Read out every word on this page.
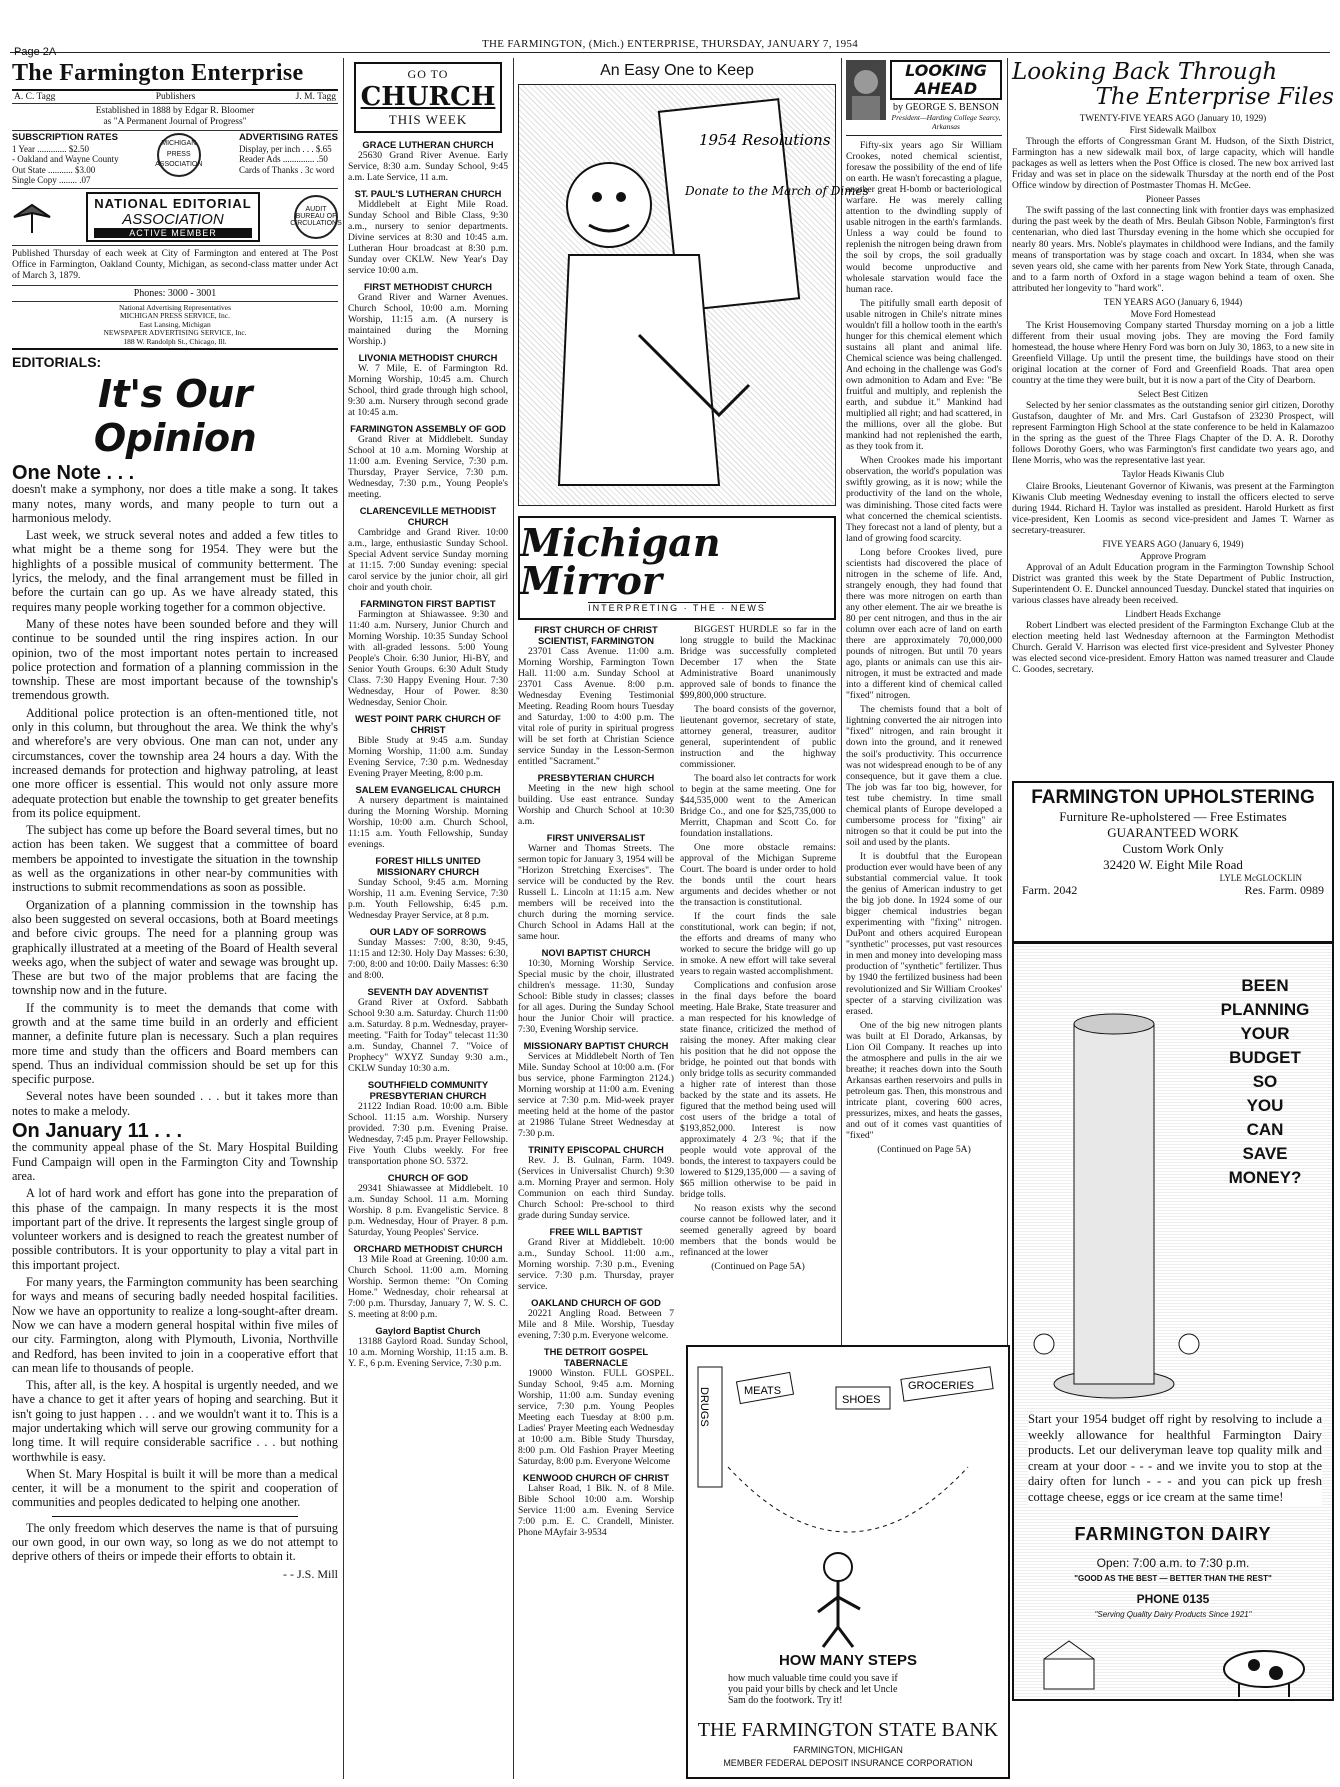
Page 2A
THE FARMINGTON, (Mich.) ENTERPRISE, THURSDAY, JANUARY 7, 1954
The Farmington Enterprise
A. C. Tagg	Publishers	J. M. Tagg
Established in 1888 by Edgar R. Bloomer
as "A Permanent Journal of Progress"
SUBSCRIPTION RATES
1 Year ............. $2.50
- Oakland and Wayne County
Out State ........... $3.00
Single Copy ........ .07
MICHIGAN PRESS ASSOCIATION
ADVERTISING RATES
Display, per inch . . . $.65
Reader Ads .............. .50
Cards of Thanks . 3c word
NATIONAL EDITORIAL
ASSOCIATION
ACTIVE MEMBER
AUDIT BUREAU OF CIRCULATIONS
Published Thursday of each week at City of Farmington and entered at The Post Office in Farmington, Oakland County, Michigan, as second-class matter under Act of March 3, 1879.
Phones: 3000 - 3001
National Advertising Representatives
MICHIGAN PRESS SERVICE, Inc.
East Lansing, Michigan
NEWSPAPER ADVERTISING SERVICE, Inc.
188 W. Randolph St., Chicago, Ill.
EDITORIALS:
It's Our Opinion
One Note . . .

doesn't make a symphony, nor does a title make a song. It takes many notes, many words, and many people to turn out a harmonious melody.

Last week, we struck several notes and added a few titles to what might be a theme song for 1954. They were but the highlights of a possible musical of community betterment. The lyrics, the melody, and the final arrangement must be filled in before the curtain can go up. As we have already stated, this requires many people working together for a common objective.

Many of these notes have been sounded before and they will continue to be sounded until the ring inspires action. In our opinion, two of the most important notes pertain to increased police protection and formation of a planning commission in the township. These are most important because of the township's tremendous growth.

Additional police protection is an often-mentioned title, not only in this column, but throughout the area. We think the why's and wherefore's are very obvious. One man can not, under any circumstances, cover the township area 24 hours a day. With the increased demands for protection and highway patroling, at least one more officer is essential. This would not only assure more adequate protection but enable the township to get greater benefits from its police equipment.

The subject has come up before the Board several times, but no action has been taken. We suggest that a committee of board members be appointed to investigate the situation in the township as well as the organizations in other near-by communities with instructions to submit recommendations as soon as possible.

Organization of a planning commission in the township has also been suggested on several occasions, both at Board meetings and before civic groups. The need for a planning group was graphically illustrated at a meeting of the Board of Health several weeks ago, when the subject of water and sewage was brought up. These are but two of the major problems that are facing the township now and in the future.

If the community is to meet the demands that come with growth and at the same time build in an orderly and efficient manner, a definite future plan is necessary. Such a plan requires more time and study than the officers and Board members can spend. Thus an individual commission should be set up for this specific purpose.

Several notes have been sounded . . . but it takes more than notes to make a melody.

On January 11 . . .

the community appeal phase of the St. Mary Hospital Building Fund Campaign will open in the Farmington City and Township area.

A lot of hard work and effort has gone into the preparation of this phase of the campaign. In many respects it is the most important part of the drive. It represents the largest single group of volunteer workers and is designed to reach the greatest number of possible contributors. It is your opportunity to play a vital part in this important project.

For many years, the Farmington community has been searching for ways and means of securing badly needed hospital facilities. Now we have an opportunity to realize a long-sought-after dream. Now we can have a modern general hospital within five miles of our city. Farmington, along with Plymouth, Livonia, Northville and Redford, has been invited to join in a cooperative effort that can mean life to thousands of people.

This, after all, is the key. A hospital is urgently needed, and we have a chance to get it after years of hoping and searching. But it isn't going to just happen . . . and we wouldn't want it to. This is a major undertaking which will serve our growing community for a long time. It will require considerable sacrifice . . . but nothing worthwhile is easy.

When St. Mary Hospital is built it will be more than a medical center, it will be a monument to the spirit and cooperation of communities and peoples dedicated to helping one another.

The only freedom which deserves the name is that of pursuing our own good, in our own way, so long as we do not attempt to deprive others of theirs or impede their efforts to obtain it.

- - J.S. Mill
GO TO
CHURCH
THIS WEEK
GRACE LUTHERAN CHURCH
25630 Grand River Avenue. Early Service, 8:30 a.m. Sunday School, 9:45 a.m. Late Service, 11 a.m.
ST. PAUL'S LUTHERAN CHURCH
Middlebelt at Eight Mile Road. Sunday School and Bible Class, 9:30 a.m., nursery to senior departments. Divine services at 8:30 and 10:45 a.m. Lutheran Hour broadcast at 8:30 p.m. Sunday over CKLW. New Year's Day service 10:00 a.m.
FIRST METHODIST CHURCH
Grand River and Warner Avenues. Church School, 10:00 a.m. Morning Worship, 11:15 a.m. (A nursery is maintained during the Morning Worship.)
LIVONIA METHODIST CHURCH
W. 7 Mile, E. of Farmington Rd. Morning Worship, 10:45 a.m. Church School, third grade through high school, 9:30 a.m. Nursery through second grade at 10:45 a.m.
FARMINGTON ASSEMBLY OF GOD
Grand River at Middlebelt. Sunday School at 10 a.m. Morning Worship at 11:00 a.m. Evening Service, 7:30 p.m. Thursday, Prayer Service, 7:30 p.m. Wednesday, 7:30 p.m., Young People's meeting.
CLARENCEVILLE METHODIST CHURCH
Cambridge and Grand River. 10:00 a.m., large, enthusiastic Sunday School. Special Advent service Sunday morning at 11:15. 7:00 Sunday evening: special carol service by the junior choir, all girl choir and youth choir.
FARMINGTON FIRST BAPTIST
Farmington at Shiawassee. 9:30 and 11:40 a.m. Nursery, Junior Church and Morning Worship. 10:35 Sunday School with all-graded lessons. 5:00 Young People's Choir. 6:30 Junior, Hi-BY, and Senior Youth Groups. 6:30 Adult Study Class. 7:30 Happy Evening Hour. 7:30 Wednesday, Hour of Power. 8:30 Wednesday, Senior Choir.
WEST POINT PARK CHURCH OF CHRIST
Bible Study at 9:45 a.m. Sunday Morning Worship, 11:00 a.m. Sunday Evening Service, 7:30 p.m. Wednesday Evening Prayer Meeting, 8:00 p.m.
SALEM EVANGELICAL CHURCH
A nursery department is maintained during the Morning Worship. Morning Worship, 10:00 a.m. Church School, 11:15 a.m. Youth Fellowship, Sunday evenings.
FOREST HILLS UNITED MISSIONARY CHURCH
Sunday School, 9:45 a.m. Morning Worship, 11 a.m. Evening Service, 7:30 p.m. Youth Fellowship, 6:45 p.m. Wednesday Prayer Service, at 8 p.m.
OUR LADY OF SORROWS
Sunday Masses: 7:00, 8:30, 9:45, 11:15 and 12:30. Holy Day Masses: 6:30, 7:00, 8:00 and 10:00. Daily Masses: 6:30 and 8:00.
SEVENTH DAY ADVENTIST
Grand River at Oxford. Sabbath School 9:30 a.m. Saturday. Church 11:00 a.m. Saturday. 8 p.m. Wednesday, prayer-meeting. "Faith for Today" telecast 11:30 a.m. Sunday, Channel 7. "Voice of Prophecy" WXYZ Sunday 9:30 a.m., CKLW Sunday 10:30 a.m.
SOUTHFIELD COMMUNITY PRESBYTERIAN CHURCH
21122 Indian Road. 10:00 a.m. Bible School. 11:15 a.m. Worship. Nursery provided. 7:30 p.m. Evening Praise. Wednesday, 7:45 p.m. Prayer Fellowship. Five Youth Clubs weekly. For free transportation phone SO. 5372.
CHURCH OF GOD
29341 Shiawassee at Middlebelt. 10 a.m. Sunday School. 11 a.m. Morning Worship. 8 p.m. Evangelistic Service. 8 p.m. Wednesday, Hour of Prayer. 8 p.m. Saturday, Young Peoples' Service.
ORCHARD METHODIST CHURCH
13 Mile Road at Greening. 10:00 a.m. Church School. 11:00 a.m. Morning Worship. Sermon theme: "On Coming Home." Wednesday, choir rehearsal at 7:00 p.m. Thursday, January 7, W. S. C. S. meeting at 8:00 p.m.
Gaylord Baptist Church
13188 Gaylord Road. Sunday School, 10 a.m. Morning Worship, 11:15 a.m. B. Y. F., 6 p.m. Evening Service, 7:30 p.m.
An Easy One to Keep
1954 Resolutions
Donate to the March of Dimes
Michigan Mirror
INTERPRETING · THE · NEWS
FIRST CHURCH OF CHRIST SCIENTIST, FARMINGTON
23701 Cass Avenue. 11:00 a.m. Morning Worship, Farmington Town Hall. 11:00 a.m. Sunday School at 23701 Cass Avenue. 8:00 p.m. Wednesday Evening Testimonial Meeting. Reading Room hours Tuesday and Saturday, 1:00 to 4:00 p.m. The vital role of purity in spiritual progress will be set forth at Christian Science service Sunday in the Lesson-Sermon entitled "Sacrament."
PRESBYTERIAN CHURCH
Meeting in the new high school building. Use east entrance. Sunday Worship and Church School at 10:30 a.m.
FIRST UNIVERSALIST
Warner and Thomas Streets. The sermon topic for January 3, 1954 will be "Horizon Stretching Exercises". The service will be conducted by the Rev. Russell L. Lincoln at 11:15 a.m. New members will be received into the church during the morning service. Church School in Adams Hall at the same hour.
NOVI BAPTIST CHURCH
10:30, Morning Worship Service. Special music by the choir, illustrated children's message. 11:30, Sunday School: Bible study in classes; classes for all ages. During the Sunday School hour the Junior Choir will practice. 7:30, Evening Worship service.
MISSIONARY BAPTIST CHURCH
Services at Middlebelt North of Ten Mile. Sunday School at 10:00 a.m. (For bus service, phone Farmington 2124.) Morning worship at 11:00 a.m. Evening service at 7:30 p.m. Mid-week prayer meeting held at the home of the pastor at 21986 Tulane Street Wednesday at 7:30 p.m.
TRINITY EPISCOPAL CHURCH
Rev. J. B. Gulnan, Farm. 1049. (Services in Universalist Church) 9:30 a.m. Morning Prayer and sermon. Holy Communion on each third Sunday. Church School: Pre-school to third grade during Sunday service.
FREE WILL BAPTIST
Grand River at Middlebelt. 10:00 a.m., Sunday School. 11:00 a.m., Morning worship. 7:30 p.m., Evening service. 7:30 p.m. Thursday, prayer service.
OAKLAND CHURCH OF GOD
20221 Angling Road. Between 7 Mile and 8 Mile. Worship, Tuesday evening, 7:30 p.m. Everyone welcome.
THE DETROIT GOSPEL TABERNACLE
19000 Winston. FULL GOSPEL. Sunday School, 9:45 a.m. Morning Worship, 11:00 a.m. Sunday evening service, 7:30 p.m. Young Peoples Meeting each Tuesday at 8:00 p.m. Ladies' Prayer Meeting each Wednesday at 10:00 a.m. Bible Study Thursday, 8:00 p.m. Old Fashion Prayer Meeting Saturday, 8:00 p.m. Everyone Welcome
KENWOOD CHURCH OF CHRIST
Lahser Road, 1 Blk. N. of 8 Mile. Bible School 10:00 a.m. Worship Service 11:00 a.m. Evening Service 7:00 p.m. E. C. Crandell, Minister. Phone MAyfair 3-9534

BIGGEST HURDLE so far in the long struggle to build the Mackinac Bridge was successfully completed December 17 when the State Administrative Board unanimously approved sale of bonds to finance the $99,800,000 structure.

The board consists of the governor, lieutenant governor, secretary of state, attorney general, treasurer, auditor general, superintendent of public instruction and the highway commissioner.

The board also let contracts for work to begin at the same meeting. One for $44,535,000 went to the American Bridge Co., and one for $25,735,000 to Merritt, Chapman and Scott Co. for foundation installations.

One more obstacle remains: approval of the Michigan Supreme Court. The board is under order to hold the bonds until the court hears arguments and decides whether or not the transaction is constitutional.

If the court finds the sale constitutional, work can begin; if not, the efforts and dreams of many who worked to secure the bridge will go up in smoke. A new effort will take several years to regain wasted accomplishment.

Complications and confusion arose in the final days before the board meeting. Hale Brake, State treasurer and a man respected for his knowledge of state finance, criticized the method of raising the money. After making clear his position that he did not oppose the bridge, he pointed out that bonds with only bridge tolls as security commanded a higher rate of interest than those backed by the state and its assets. He figured that the method being used will cost users of the bridge a total of $193,852,000. Interest is now approximately 4 2/3 %; that if the people would vote approval of the bonds, the interest to taxpayers could be lowered to $129,135,000 — a saving of $65 million otherwise to be paid in bridge tolls.

No reason exists why the second course cannot be followed later, and it seemed generally agreed by board members that the bonds would be refinanced at the lower

(Continued on Page 5A)
DRUGS	MEATS
SHOES
GROCERIES
HOW MANY STEPS
how much valuable time could you save if you paid your bills by check and let Uncle Sam do the footwork. Try it!
THE FARMINGTON STATE BANK
FARMINGTON, MICHIGAN
MEMBER FEDERAL DEPOSIT INSURANCE CORPORATION
LOOKING
AHEAD
by GEORGE S. BENSON
President—Harding College Searcy, Arkansas

Fifty-six years ago Sir William Crookes, noted chemical scientist, foresaw the possibility of the end of life on earth. He wasn't forecasting a plague, another great H-bomb or bacteriological warfare. He was merely calling attention to the dwindling supply of usable nitrogen in the earth's farmlands. Unless a way could be found to replenish the nitrogen being drawn from the soil by crops, the soil gradually would become unproductive and wholesale starvation would face the human race.

The pitifully small earth deposit of usable nitrogen in Chile's nitrate mines wouldn't fill a hollow tooth in the earth's hunger for this chemical element which sustains all plant and animal life. Chemical science was being challenged. And echoing in the challenge was God's own admonition to Adam and Eve: "Be fruitful and multiply, and replenish the earth, and subdue it." Mankind had multiplied all right; and had scattered, in the millions, over all the globe. But mankind had not replenished the earth, as they took from it.

When Crookes made his important observation, the world's population was swiftly growing, as it is now; while the productivity of the land on the whole, was diminishing. Those cited facts were what concerned the chemical scientists. They forecast not a land of plenty, but a land of growing food scarcity.

Long before Crookes lived, pure scientists had discovered the place of nitrogen in the scheme of life. And, strangely enough, they had found that there was more nitrogen on earth than any other element. The air we breathe is 80 per cent nitrogen, and thus in the air column over each acre of land on earth there are approximately 70,000,000 pounds of nitrogen. But until 70 years ago, plants or animals can use this air-nitrogen, it must be extracted and made into a different kind of chemical called "fixed" nitrogen.

The chemists found that a bolt of lightning converted the air nitrogen into "fixed" nitrogen, and rain brought it down into the ground, and it renewed the soil's productivity. This occurrence was not widespread enough to be of any consequence, but it gave them a clue. The job was far too big, however, for test tube chemistry. In time small chemical plants of Europe developed a cumbersome process for "fixing" air nitrogen so that it could be put into the soil and used by the plants.

It is doubtful that the European production ever would have been of any substantial commercial value. It took the genius of American industry to get the big job done. In 1924 some of our bigger chemical industries began experimenting with "fixing" nitrogen. DuPont and others acquired European "synthetic" processes, put vast resources in men and money into developing mass production of "synthetic" fertilizer. Thus by 1940 the fertilized business had been revolutionized and Sir William Crookes' specter of a starving civilization was erased.

One of the big new nitrogen plants was built at El Dorado, Arkansas, by Lion Oil Company. It reaches up into the atmosphere and pulls in the air we breathe; it reaches down into the South Arkansas earthen reservoirs and pulls in petroleum gas. Then, this monstrous and intricate plant, covering 600 acres, pressurizes, mixes, and heats the gasses, and out of it comes vast quantities of "fixed"

(Continued on Page 5A)
Looking Back Through
The Enterprise Files
TWENTY-FIVE YEARS AGO (January 10, 1929)
First Sidewalk Mailbox

Through the efforts of Congressman Grant M. Hudson, of the Sixth District, Farmington has a new sidewalk mail box, of large capacity, which will handle packages as well as letters when the Post Office is closed. The new box arrived last Friday and was set in place on the sidewalk Thursday at the north end of the Post Office window by direction of Postmaster Thomas H. McGee.

Pioneer Passes

The swift passing of the last connecting link with frontier days was emphasized during the past week by the death of Mrs. Beulah Gibson Noble, Farmington's first centenarian, who died last Thursday evening in the home which she occupied for nearly 80 years. Mrs. Noble's playmates in childhood were Indians, and the family means of transportation was by stage coach and oxcart. In 1834, when she was seven years old, she came with her parents from New York State, through Canada, and to a farm north of Oxford in a stage wagon behind a team of oxen. She attributed her longevity to "hard work".

TEN YEARS AGO (January 6, 1944)
Move Ford Homestead

The Krist Housemoving Company started Thursday morning on a job a little different from their usual moving jobs. They are moving the Ford family homestead, the house where Henry Ford was born on July 30, 1863, to a new site in Greenfield Village. Up until the present time, the buildings have stood on their original location at the corner of Ford and Greenfield Roads. That area open country at the time they were built, but it is now a part of the City of Dearborn.

Select Best Citizen

Selected by her senior classmates as the outstanding senior girl citizen, Dorothy Gustafson, daughter of Mr. and Mrs. Carl Gustafson of 23230 Prospect, will represent Farmington High School at the state conference to be held in Kalamazoo in the spring as the guest of the Three Flags Chapter of the D. A. R. Dorothy follows Dorothy Goers, who was Farmington's first candidate two years ago, and Ilene Morris, who was the representative last year.

Taylor Heads Kiwanis Club

Claire Brooks, Lieutenant Governor of Kiwanis, was present at the Farmington Kiwanis Club meeting Wednesday evening to install the officers elected to serve during 1944. Richard H. Taylor was installed as president. Harold Hurkett as first vice-president, Ken Loomis as second vice-president and James T. Warner as secretary-treasurer.

FIVE YEARS AGO (January 6, 1949)
Approve Program

Approval of an Adult Education program in the Farmington Township School District was granted this week by the State Department of Public Instruction, Superintendent O. E. Dunckel announced Tuesday. Dunckel stated that inquiries on various classes have already been received.

Lindbert Heads Exchange

Robert Lindbert was elected president of the Farmington Exchange Club at the election meeting held last Wednesday afternoon at the Farmington Methodist Church. Gerald V. Harrison was elected first vice-president and Sylvester Phoney was elected second vice-president. Emory Hatton was named treasurer and Claude C. Goodes, secretary.

FARMINGTON UPHOLSTERING
Furniture Re-upholstered — Free Estimates
GUARANTEED WORK
Custom Work Only
32420 W. Eight Mile Road
LYLE McGLOCKLIN
Farm. 2042	Res. Farm. 0989
BEEN
PLANNING
YOUR
BUDGET
SO
YOU
CAN
SAVE
MONEY?
Start your 1954 budget off right by resolving to include a weekly allowance for healthful Farmington Dairy products. Let our deliveryman leave top quality milk and cream at your door - - - and we invite you to stop at the dairy often for lunch - - - and you can pick up fresh cottage cheese, eggs or ice cream at the same time!
FARMINGTON DAIRY
Open: 7:00 a.m. to 7:30 p.m.
"GOOD AS THE BEST — BETTER THAN THE REST"
PHONE 0135
"Serving Quality Dairy Products Since 1921"
